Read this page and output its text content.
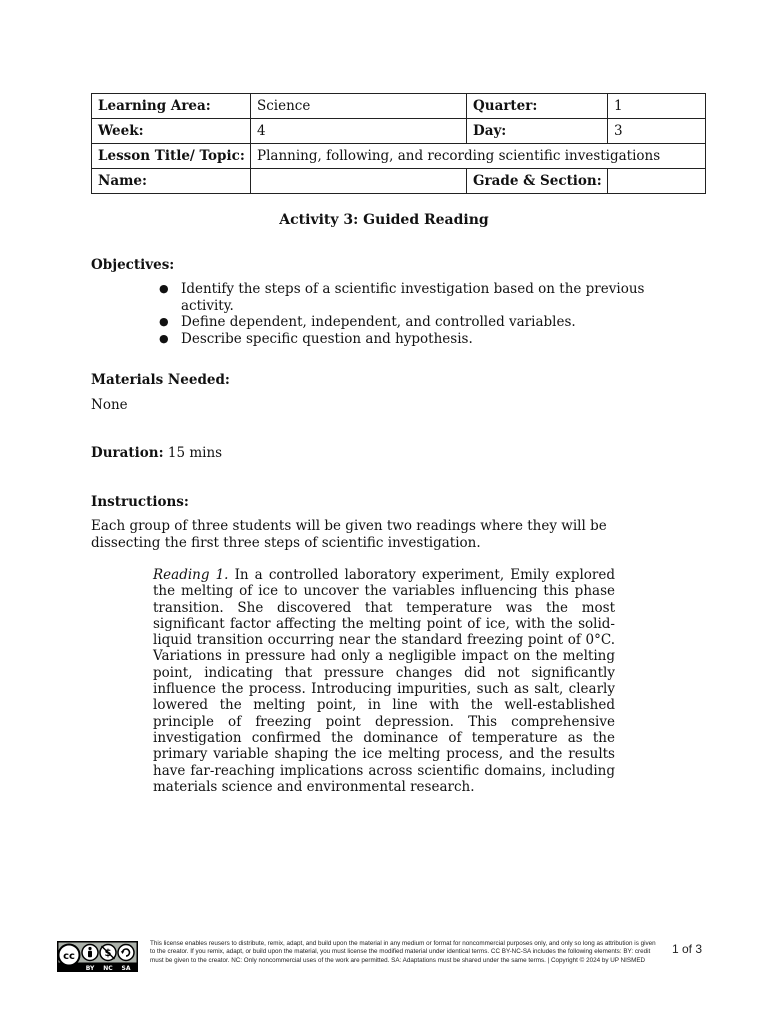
Learning Area:	Science	Quarter:	1
Week:	4	Day:	3
Lesson Title/ Topic:	Planning, following, and recording scientific investigations		
Name:		Grade & Section:	
Activity 3: Guided Reading
Objectives:
● Identify the steps of a scientific investigation based on the previous activity.
● Define dependent, independent, and controlled variables.
● Describe specific question and hypothesis.
Materials Needed:
None
Duration: 15 mins
Instructions:
Each group of three students will be given two readings where they will be dissecting the first three steps of scientific investigation.
Reading 1. In a controlled laboratory experiment, Emily explored the melting of ice to uncover the variables influencing this phase transition. She discovered that temperature was the most significant factor affecting the melting point of ice, with the solid-liquid transition occurring near the standard freezing point of 0°C. Variations in pressure had only a negligible impact on the melting point, indicating that pressure changes did not significantly influence the process. Introducing impurities, such as salt, clearly lowered the melting point, in line with the well-established principle of freezing point depression. This comprehensive investigation confirmed the dominance of temperature as the primary variable shaping the ice melting process, and the results have far-reaching implications across scientific domains, including materials science and environmental research.
cc	$
BY NC SA
This license enables reusers to distribute, remix, adapt, and build upon the material in any medium or format for noncommercial purposes only, and only so long as attribution is given to the creator. If you remix, adapt, or build upon the material, you must license the modified material under identical terms. CC BY-NC-SA includes the following elements: BY: credit must be given to the creator. NC: Only noncommercial uses of the work are permitted. SA: Adaptations must be shared under the same terms. | Copyright © 2024 by UP NISMED
1 of 3
